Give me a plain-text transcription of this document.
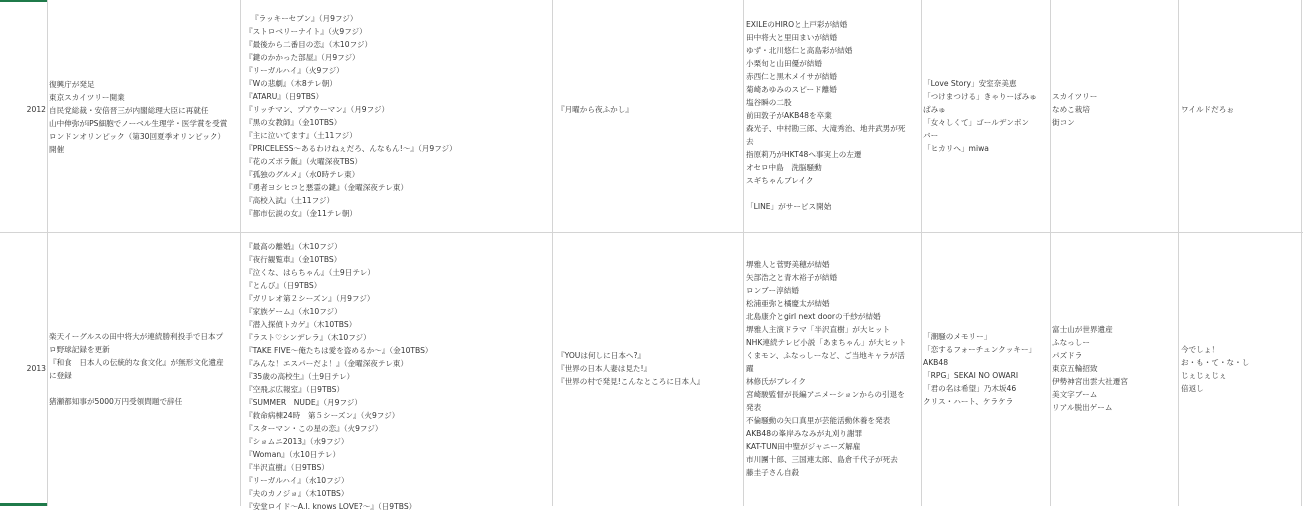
2012
復興庁が発足
東京スカイツリー開業
自民党総裁・安倍晋三が内閣総理大臣に再就任
山中伸弥がiPS細胞でノーベル生理学・医学賞を受賞
ロンドンオリンピック（第30回夏季オリンピック）
開催
『ラッキーセブン』（月9フジ）
『ストロベリーナイト』（火9フジ）
『最後から二番目の恋』（木10フジ）
『鍵のかかった部屋』（月9フジ）
『リーガルハイ』（火9フジ）
『Wの悲劇』（木8テレ朝）
『ATARU』（日9TBS）
『リッチマン、プアウーマン』（月9フジ）
『黒の女教師』（金10TBS）
『主に泣いてます』（土11フジ）
『PRICELESS～あるわけねぇだろ、んなもん!～』（月9フジ）
『花のズボラ飯』（火曜深夜TBS）
『孤独のグルメ』（水0時テレ東）
『勇者ヨシヒコと悪霊の鍵』（金曜深夜テレ東）
『高校入試』（土11フジ）
『都市伝説の女』（金11テレ朝）
『月曜から夜ふかし』
EXILEのHIROと上戸彩が結婚
田中将大と里田まいが結婚
ゆず・北川悠仁と高島彩が結婚
小栗旬と山田優が結婚
赤西仁と黒木メイサが結婚
菊崎あゆみのスピード離婚
塩谷瞬の二股
前田敦子がAKB48を卒業
森光子、中村勘三郎、大滝秀治、地井武男が死
去
指原莉乃がHKT48へ事実上の左遷
オセロ中島　洗脳騒動
スギちゃんブレイク
「LINE」がサービス開始
「Love Story」安室奈美恵
「つけまつける」きゃりーぱみゅ
ぱみゅ
「女々しくて」ゴールデンボン
バー
「ヒカリへ」miwa
スカイツリー
なめこ栽培
街コン
ワイルドだろぉ
2013
楽天イーグルスの田中将大が連続勝利投手で日本プ
ロ野球記録を更新
『和食　日本人の伝統的な食文化』が無形文化遺産
に登録
猪瀬都知事が5000万円受領問題で辞任
『最高の離婚』（木10フジ）
『夜行観覧車』（金10TBS）
『泣くな、はらちゃん』（土9日テレ）
『とんび』（日9TBS）
『ガリレオ第２シーズン』（月9フジ）
『家族ゲーム』（水10フジ）
『潜入探偵トカゲ』（木10TBS）
『ラスト♡シンデレラ』（木10フジ）
『TAKE FIVE～俺たちは愛を盗めるか～』（金10TBS）
『みんな！エスパーだよ！』（金曜深夜テレ東）
『35歳の高校生』（土9日テレ）
『空飛ぶ広報室』（日9TBS）
『SUMMER　NUDE』（月9フジ）
『救命病棟24時　第５シーズン』（火9フジ）
『スターマン・この星の恋』（火9フジ）
『ショムニ2013』（水9フジ）
『Woman』（水10日テレ）
『半沢直樹』（日9TBS）
『リーガルハイ』（水10フジ）
『夫のカノジョ』（木10TBS）
『安堂ロイド～A.I. knows LOVE?～』（日9TBS）
『YOUは何しに日本へ?』
『世界の日本人妻は見た!』
『世界の村で発見!こんなところに日本人』
堺雅人と菅野美穂が結婚
矢部浩之と青木裕子が結婚
ロンブー淳結婚
松浦亜弥と橘慶太が結婚
北島康介とgirl next doorの千紗が結婚
堺雅人主演ドラマ「半沢直樹」が大ヒット
NHK連続テレビ小説「あまちゃん」が大ヒット
くまモン、ふなっしーなど、ご当地キャラが活
躍
林修氏がブレイク
宮崎駿監督が長編アニメーションからの引退を
発表
不倫騒動の矢口真里が芸能活動休養を発表
AKB48の峯岸みなみが丸刈り謝罪
KAT-TUN田中聖がジャニーズ解雇
市川團十郎、三国連太郎、島倉千代子が死去
藤圭子さん自殺
「潮騒のメモリー」
「恋するフォーチュンクッキー」
AKB48
「RPG」SEKAI NO OWARI
「君の名は希望」乃木坂46
クリス・ハート、ケラケラ
富士山が世界遺産
ふなっしー
パズドラ
東京五輪招致
伊勢神宮出雲大社遷宮
美文字ブーム
リアル脱出ゲーム
今でしょ！
お・も・て・な・し
じぇじぇじぇ
倍返し
